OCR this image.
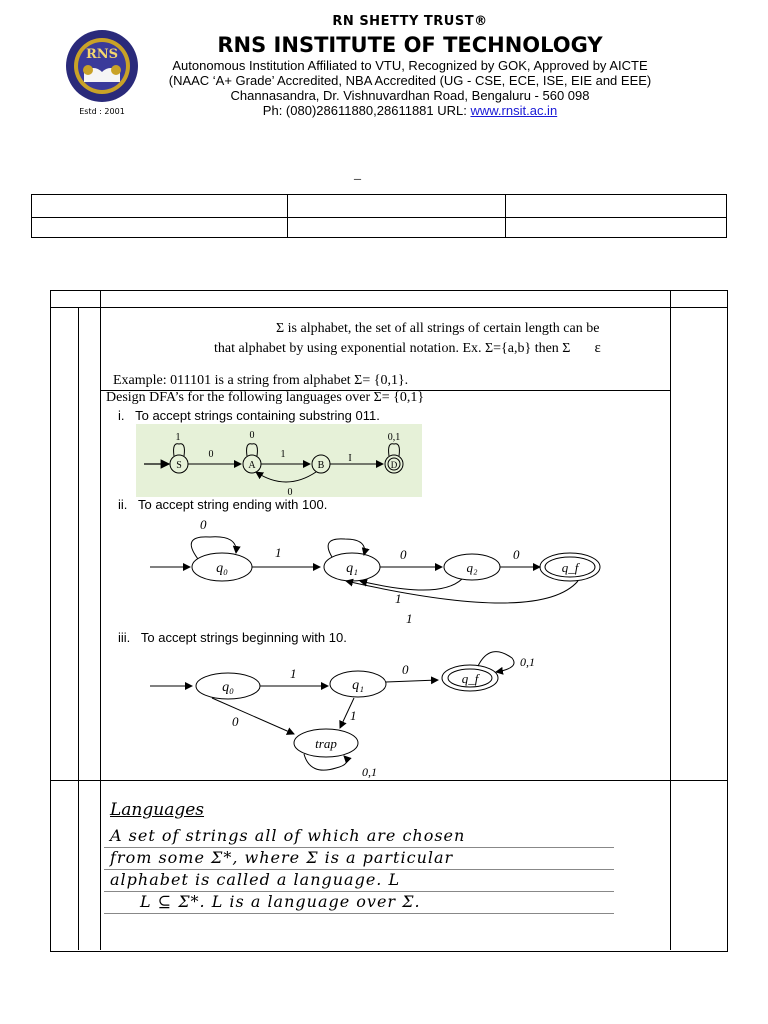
RNS
Estd : 2001
RN SHETTY TRUST®
RNS INSTITUTE OF TECHNOLOGY
Autonomous Institution Affiliated to VTU, Recognized by GOK, Approved by AICTE
(NAAC ‘A+ Grade’ Accredited, NBA Accredited (UG - CSE, ECE, ISE, EIE and EEE)
Channasandra, Dr. Vishnuvardhan Road, Bengaluru - 560 098
Ph: (080)28611880,28611881 URL: www.rnsit.ac.in
_

Σ is alphabet, the set of all strings of certain length can be
that alphabet by using exponential notation. Ex. Σ={a,b} then Σ ε
Example: 011101 is a string from alphabet Σ= {0,1}.
Design DFA’s for the following languages over Σ= {0,1}
i.   To accept strings containing substring 011.
S	A	B	D
1
0
0
1	I
0,1
0
ii.   To accept string ending with 100.
q₀
0
1
q₁
0
q₂
0
q_f
1
1
iii.   To accept strings beginning with 10.
q₀
1
q₁
0
q_f
0,1
0	1
trap
0,1
Languages
A set of strings all of which are chosen
from some Σ*, where Σ is a particular
alphabet is called a language. L
L ⊆ Σ*. L is a language over Σ.
